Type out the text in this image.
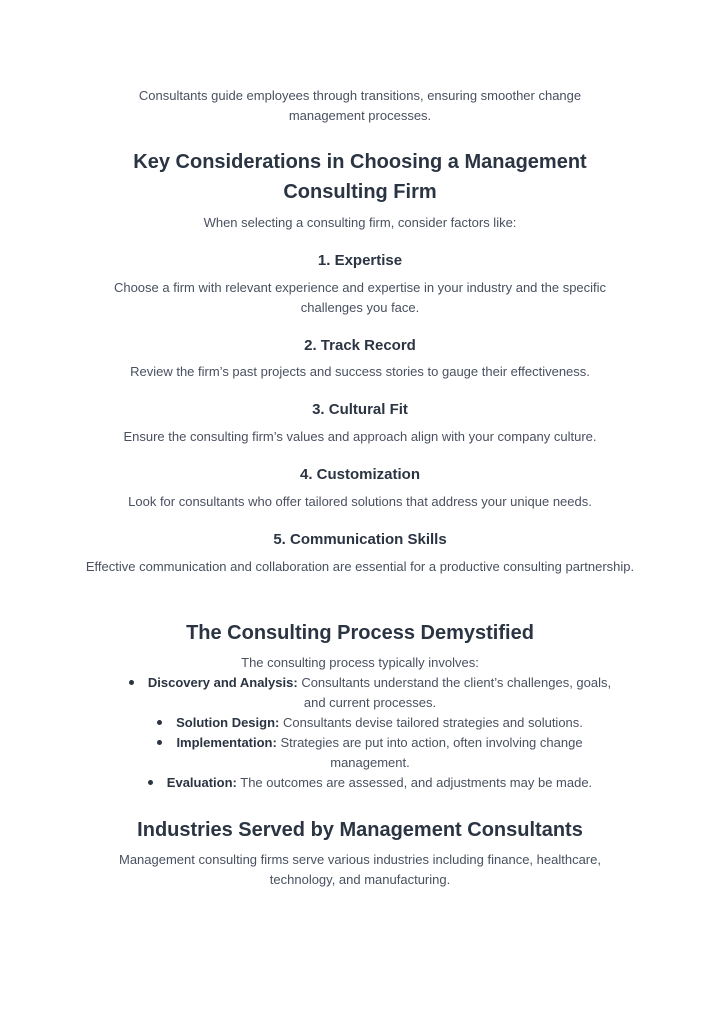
Consultants guide employees through transitions, ensuring smoother change management processes.

Key Considerations in Choosing a Management Consulting Firm

When selecting a consulting firm, consider factors like:

1. Expertise

Choose a firm with relevant experience and expertise in your industry and the specific challenges you face.

2. Track Record

Review the firm’s past projects and success stories to gauge their effectiveness.

3. Cultural Fit

Ensure the consulting firm’s values and approach align with your company culture.

4. Customization

Look for consultants who offer tailored solutions that address your unique needs.

5. Communication Skills

Effective communication and collaboration are essential for a productive consulting partnership.

The Consulting Process Demystified

The consulting process typically involves:

Discovery and Analysis: Consultants understand the client’s challenges, goals, and current processes.
Solution Design: Consultants devise tailored strategies and solutions.
Implementation: Strategies are put into action, often involving change management.
Evaluation: The outcomes are assessed, and adjustments may be made.
Industries Served by Management Consultants

Management consulting firms serve various industries including finance, healthcare, technology, and manufacturing.
